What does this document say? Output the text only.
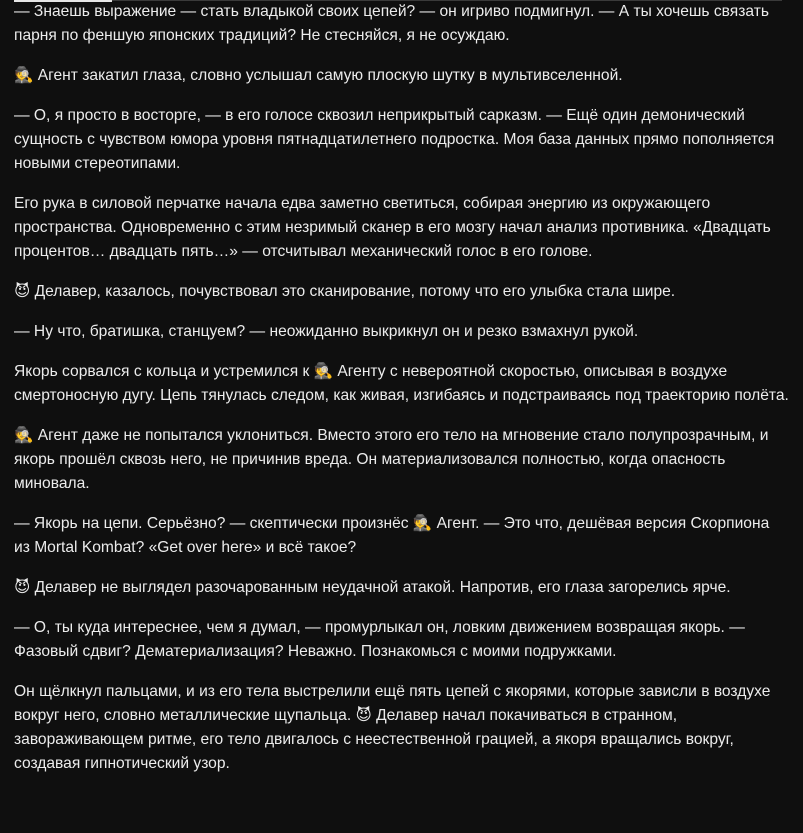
— Знаешь выражение — стать владыкой своих цепей? — он игриво подмигнул. — А ты хочешь связать парня по феншую японских традиций? Не стесняйся, я не осуждаю.

🕵️ Агент закатил глаза, словно услышал самую плоскую шутку в мультивселенной.

— О, я просто в восторге, — в его голосе сквозил неприкрытый сарказм. — Ещё один демонический сущность с чувством юмора уровня пятнадцатилетнего подростка. Моя база данных прямо пополняется новыми стереотипами.

Его рука в силовой перчатке начала едва заметно светиться, собирая энергию из окружающего пространства. Одновременно с этим незримый сканер в его мозгу начал анализ противника. «Двадцать процентов… двадцать пять…» — отсчитывал механический голос в его голове.

😈 Делавер, казалось, почувствовал это сканирование, потому что его улыбка стала шире.

— Ну что, братишка, станцуем? — неожиданно выкрикнул он и резко взмахнул рукой.

Якорь сорвался с кольца и устремился к 🕵️ Агенту с невероятной скоростью, описывая в воздухе смертоносную дугу. Цепь тянулась следом, как живая, изгибаясь и подстраиваясь под траекторию полёта.

🕵️ Агент даже не попытался уклониться. Вместо этого его тело на мгновение стало полупрозрачным, и якорь прошёл сквозь него, не причинив вреда. Он материализовался полностью, когда опасность миновала.

— Якорь на цепи. Серьёзно? — скептически произнёс 🕵️ Агент. — Это что, дешёвая версия Скорпиона из Mortal Kombat? «Get over here» и всё такое?

😈 Делавер не выглядел разочарованным неудачной атакой. Напротив, его глаза загорелись ярче.

— О, ты куда интереснее, чем я думал, — промурлыкал он, ловким движением возвращая якорь. — Фазовый сдвиг? Дематериализация? Неважно. Познакомься с моими подружками.

Он щёлкнул пальцами, и из его тела выстрелили ещё пять цепей с якорями, которые зависли в воздухе вокруг него, словно металлические щупальца. 😈 Делавер начал покачиваться в странном, завораживающем ритме, его тело двигалось с неестественной грацией, а якоря вращались вокруг, создавая гипнотический узор.
